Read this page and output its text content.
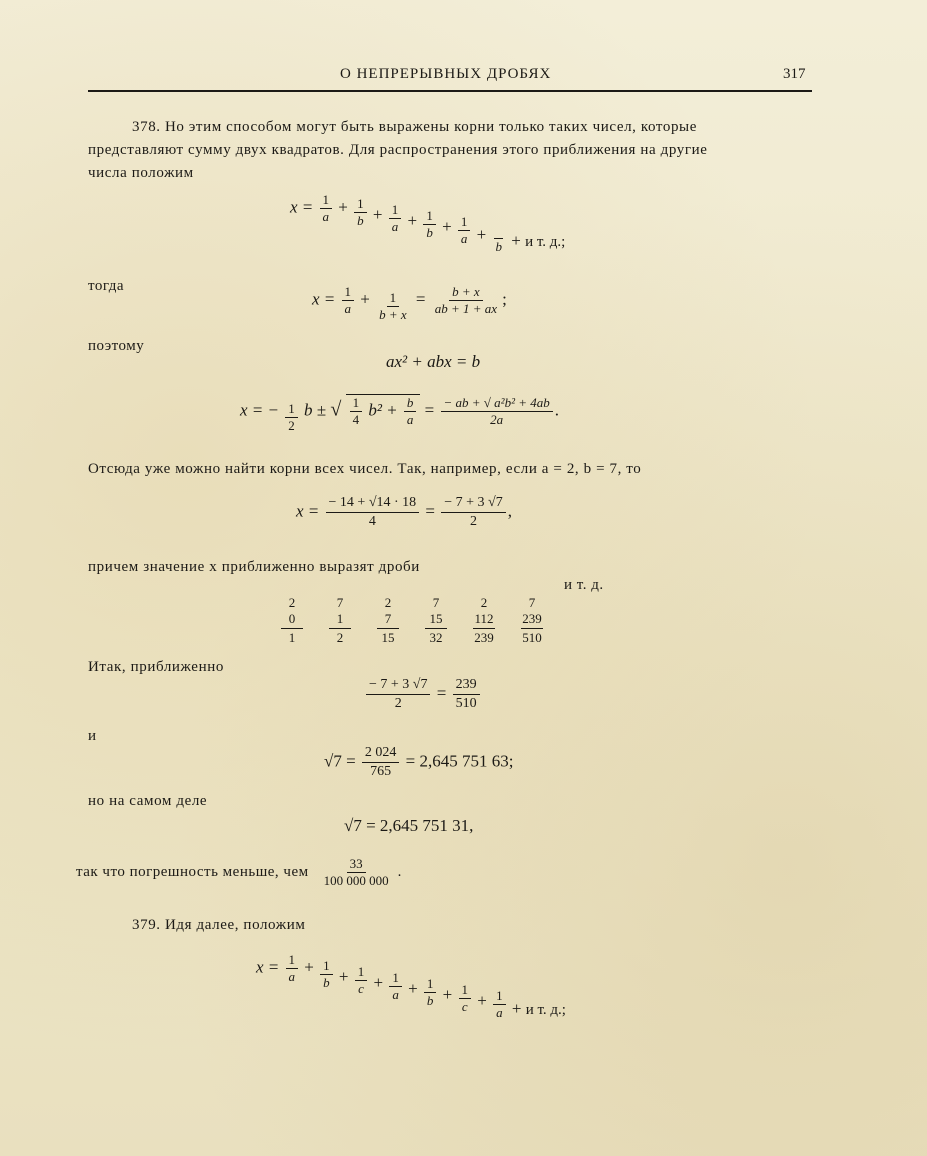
О НЕПРЕРЫВНЫХ ДРОБЯХ	317
378. Но этим способом могут быть выражены корни только таких чисел, которые
представляют сумму двух квадратов. Для распространения этого приближения на другие
числа положим
$x = \frac{1}{a} + \frac{1}{b} + \frac{1}{a} + \frac{1}{b} + \frac{1}{a}$ +

b + и т. д.;
тогда
$x = \frac{1}{a} + \frac{1}{b + x} = \frac{b + x}{ab + 1 + ax}$ ;
поэтому
ax² + abx = b
x = − $\frac{1}{2}$ b ± √ $\frac{1}{4} b^2 + \frac{b}{a} = \frac{\text{− ab + √ a²b² + 4ab}}{2a}$ .
Отсюда уже можно найти корни всех чисел. Так, например, если a = 2, b = 7, то
$x = \frac{- 14 + √14 \cdot 18}{4} = \frac{- 7 + 3 √7}{2}$ ,
причем значение x приближенно выразят дроби
2
0
1

7
1
2

2
7
15

7
15
32

2
112
239

7
239
510
и т. д.
Итак, приближенно
$\frac{- 7 + 3 √7}{2} = \frac{239}{510}$
и
$√7 = \frac{2 024}{765} = 2,645$ 751 63;
но на самом деле
√7 = 2,645 751 31,
так что погрешность меньше, чем $\frac{33}{100 000 000}$ .
379. Идя далее, положим
$x = \frac{1}{a} + \frac{1}{b} + \frac{1}{c} + \frac{1}{a} + \frac{1}{b} + \frac{1}{c} + \frac{1}{a} + и$ т. д.;
